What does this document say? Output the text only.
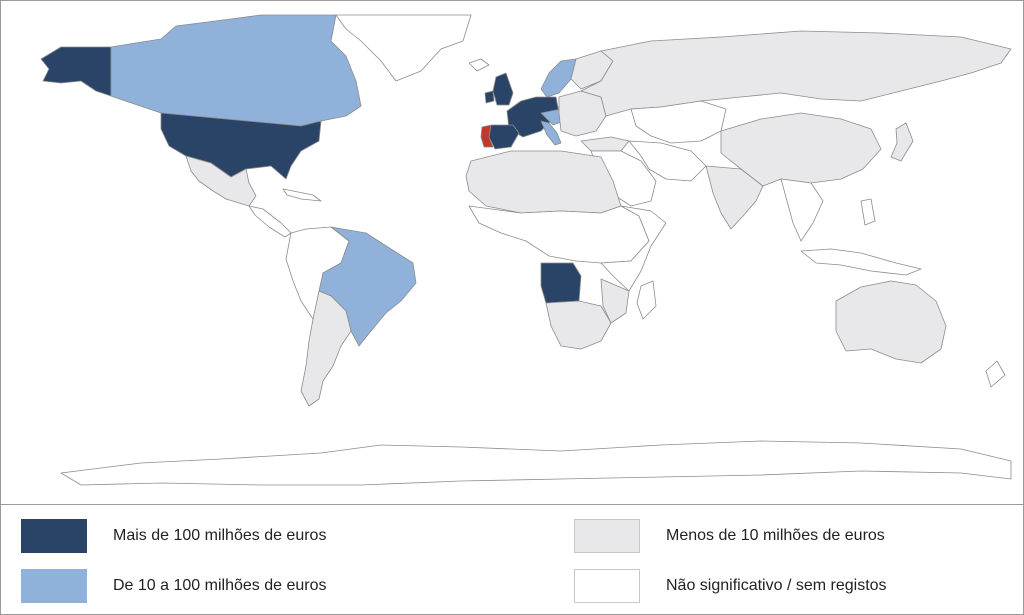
Mais de 100 milhões de euros
De 10 a 100 milhões de euros
Menos de 10 milhões de euros
Não significativo / sem registos
